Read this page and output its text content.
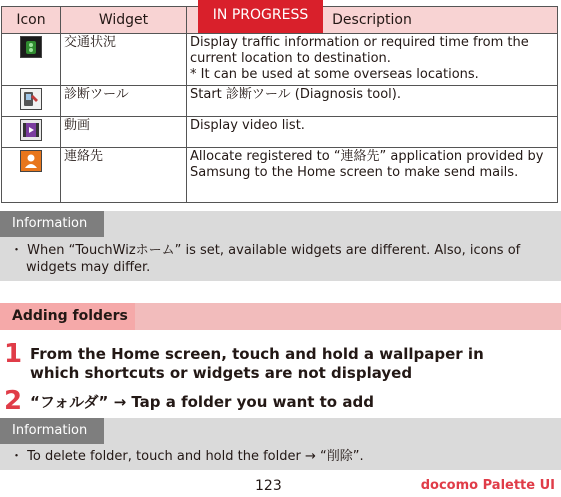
Icon	Widget	Description
	交通状況	Display traffic information or required time from the current location to destination.
* It can be used at some overseas locations.

	診断ツール	Start 診断ツール (Diagnosis tool).
	動画	Display video list.
	連絡先	Allocate registered to “連絡先” application provided by Samsung to the Home screen to make send mails.
IN PROGRESS
Information
・ When “TouchWizホーム” is set, available widgets are different. Also, icons of widgets may differ.
Adding folders
1 From the Home screen, touch and hold a wallpaper in which shortcuts or widgets are not displayed
2 “フォルダ” → Tap a folder you want to add
Information
・ To delete folder, touch and hold the folder → “削除”.
123	docomo Palette UI
